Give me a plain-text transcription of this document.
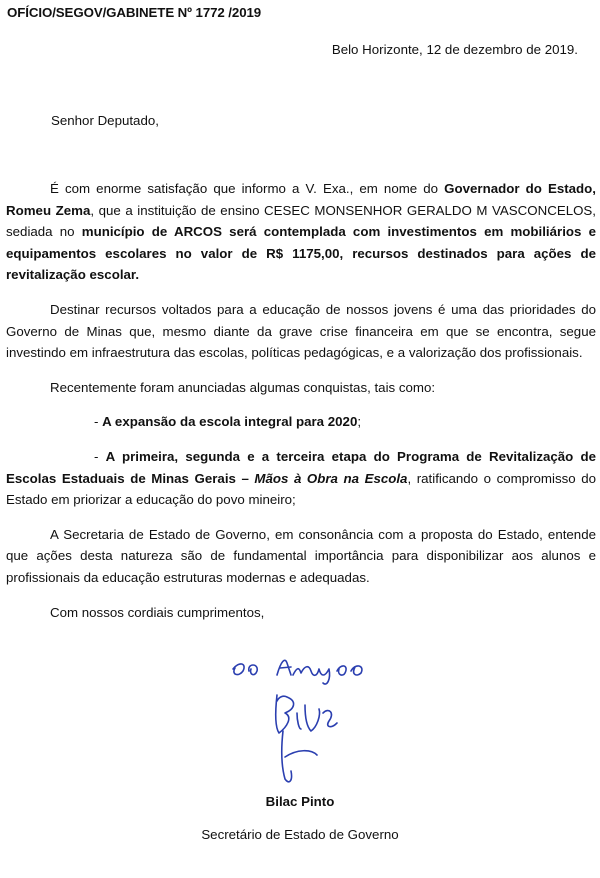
OFÍCIO/SEGOV/GABINETE Nº 1772 /2019
Belo Horizonte, 12 de dezembro de 2019.
Senhor Deputado,

É com enorme satisfação que informo a V. Exa., em nome do Governador do Estado, Romeu Zema, que a instituição de ensino CESEC MONSENHOR GERALDO M VASCONCELOS, sediada no município de ARCOS será contemplada com investimentos em mobiliários e equipamentos escolares no valor de R$ 1175,00, recursos destinados para ações de revitalização escolar.

Destinar recursos voltados para a educação de nossos jovens é uma das prioridades do Governo de Minas que, mesmo diante da grave crise financeira em que se encontra, segue investindo em infraestrutura das escolas, políticas pedagógicas, e a valorização dos profissionais.

Recentemente foram anunciadas algumas conquistas, tais como:

- A expansão da escola integral para 2020;

- A primeira, segunda e a terceira etapa do Programa de Revitalização de Escolas Estaduais de Minas Gerais – Mãos à Obra na Escola, ratificando o compromisso do Estado em priorizar a educação do povo mineiro;

A Secretaria de Estado de Governo, em consonância com a proposta do Estado, entende que ações desta natureza são de fundamental importância para disponibilizar aos alunos e profissionais da educação estruturas modernas e adequadas.

Com nossos cordiais cumprimentos,

Bilac Pinto
Secretário de Estado de Governo
